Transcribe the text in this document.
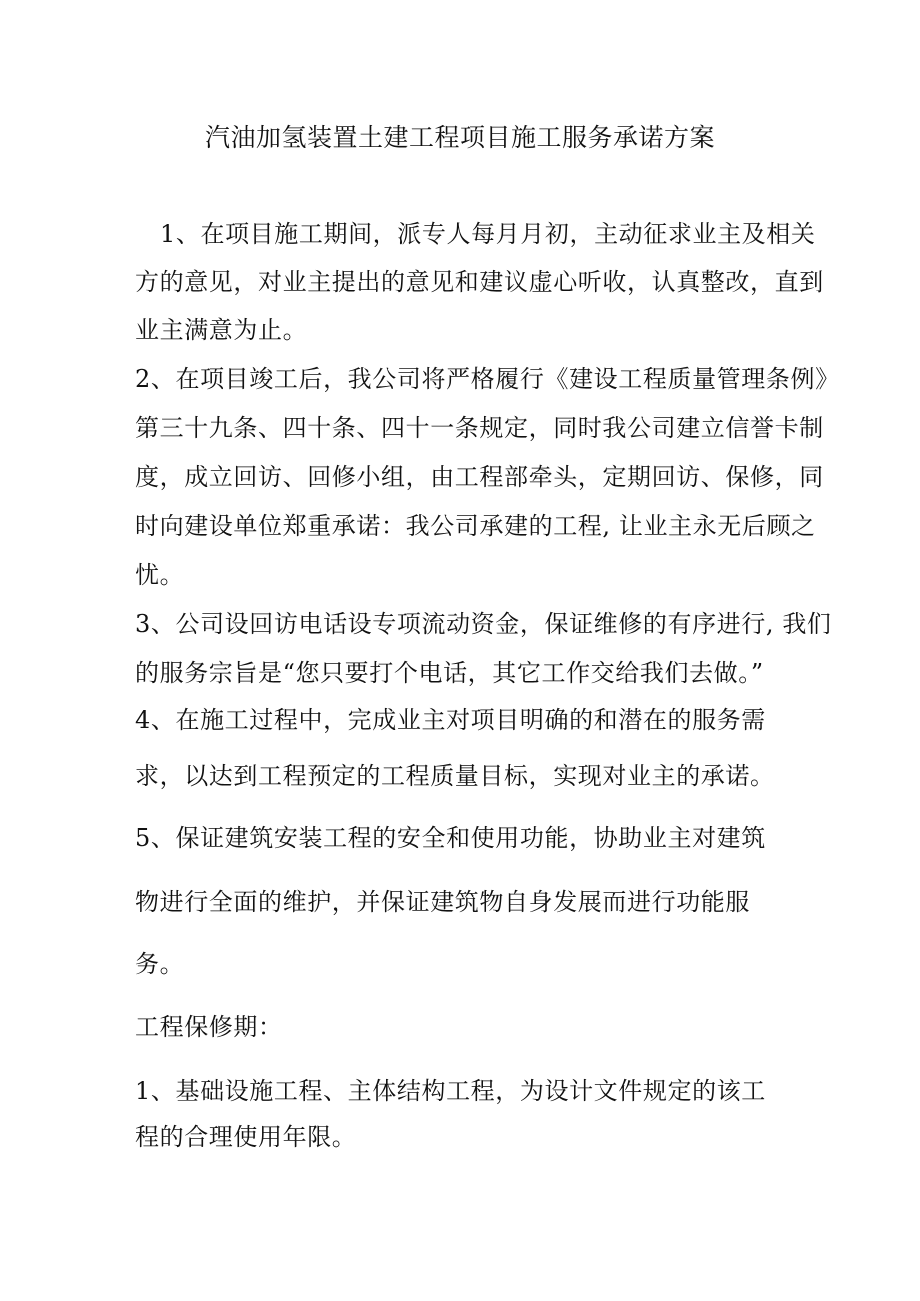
汽油加氢装置土建工程项目施工服务承诺方案
1、在项目施工期间，派专人每月月初，主动征求业主及相关
方的意见，对业主提出的意见和建议虚心听收，认真整改，直到
业主满意为止。
2、在项目竣工后，我公司将严格履行《建设工程质量管理条例》
第三十九条、四十条、四十一条规定，同时我公司建立信誉卡制
度，成立回访、回修小组，由工程部牵头，定期回访、保修，同
时向建设单位郑重承诺：我公司承建的工程, 让业主永无后顾之
忧。
3、公司设回访电话设专项流动资金，保证维修的有序进行, 我们
的服务宗旨是“您只要打个电话，其它工作交给我们去做。”
4、在施工过程中，完成业主对项目明确的和潜在的服务需
求，以达到工程预定的工程质量目标，实现对业主的承诺。
5、保证建筑安装工程的安全和使用功能，协助业主对建筑
物进行全面的维护，并保证建筑物自身发展而进行功能服
务。
工程保修期：
1、基础设施工程、主体结构工程，为设计文件规定的该工
程的合理使用年限。
